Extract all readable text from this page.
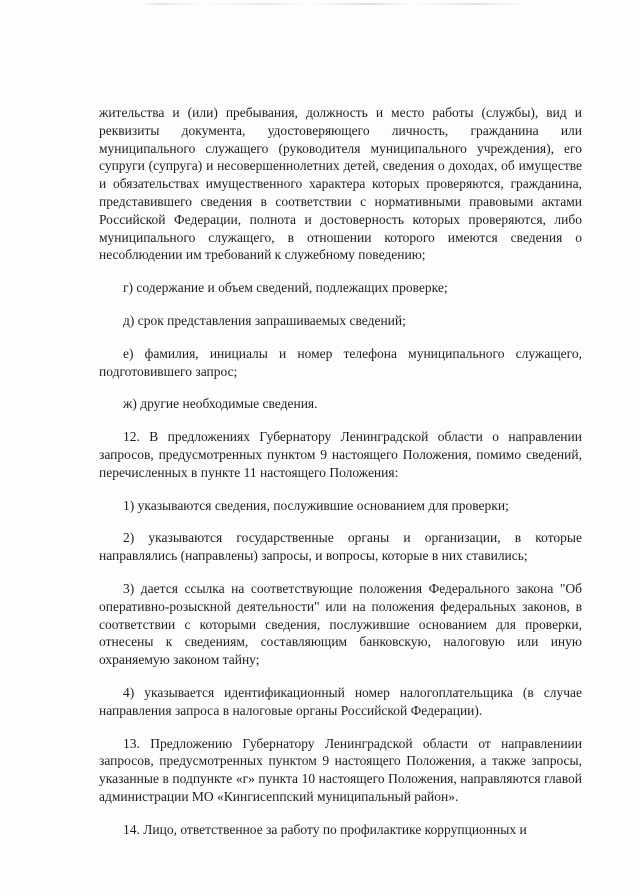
жительства и (или) пребывания, должность и место работы (службы), вид и реквизиты документа, удостоверяющего личность, гражданина или муниципального служащего (руководителя муниципального учреждения), его супруги (супруга) и несовершеннолетних детей, сведения о доходах, об имуществе и обязательствах имущественного характера которых проверяются, гражданина, представившего сведения в соответствии с нормативными правовыми актами Российской Федерации, полнота и достоверность которых проверяются, либо муниципального служащего, в отношении которого имеются сведения о несоблюдении им требований к служебному поведению;

г) содержание и объем сведений, подлежащих проверке;

д) срок представления запрашиваемых сведений;

е) фамилия, инициалы и номер телефона муниципального служащего, подготовившего запрос;

ж) другие необходимые сведения.

12. В предложениях Губернатору Ленинградской области о направлении запросов, предусмотренных пунктом 9 настоящего Положения, помимо сведений, перечисленных в пункте 11 настоящего Положения:

1) указываются сведения, послужившие основанием для проверки;

2) указываются государственные органы и организации, в которые направлялись (направлены) запросы, и вопросы, которые в них ставились;

3) дается ссылка на соответствующие положения Федерального закона "Об оперативно-розыскной деятельности" или на положения федеральных законов, в соответствии с которыми сведения, послужившие основанием для проверки, отнесены к сведениям, составляющим банковскую, налоговую или иную охраняемую законом тайну;

4) указывается идентификационный номер налогоплательщика (в случае направления запроса в налоговые органы Российской Федерации).

13. Предложению Губернатору Ленинградской области от направлениии запросов, предусмотренных пунктом 9 настоящего Положения, а также запросы, указанные в подпункте «г» пункта 10 настоящего Положения, направляются главой администрации МО «Кингисеппский муниципальный район».

14. Лицо, ответственное за работу по профилактике коррупционных и
